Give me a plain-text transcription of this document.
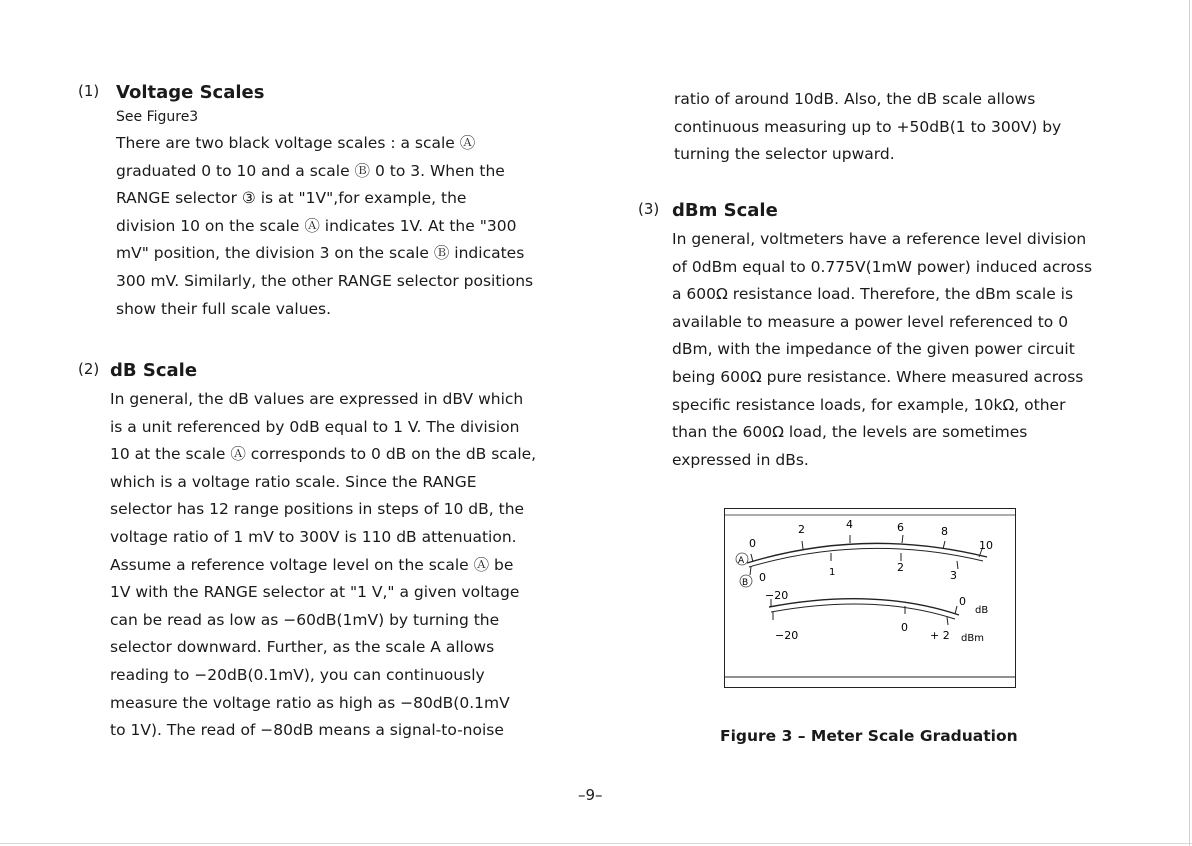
(1) Voltage Scales

See Figure3

There are two black voltage scales : a scale Ⓐ

graduated 0 to 10 and a scale Ⓑ 0 to 3. When the

RANGE selector ③ is at "1V",for example, the

division 10 on the scale Ⓐ indicates 1V. At the "300

mV" position, the division 3 on the scale Ⓑ indicates

300 mV. Similarly, the other RANGE selector positions

show their full scale values.

(2) dB Scale

In general, the dB values are expressed in dBV which

is a unit referenced by 0dB equal to 1 V. The division

10 at the scale Ⓐ corresponds to 0 dB on the dB scale,

which is a voltage ratio scale. Since the RANGE

selector has 12 range positions in steps of 10 dB, the

voltage ratio of 1 mV to 300V is 110 dB attenuation.

Assume a reference voltage level on the scale Ⓐ be

1V with the RANGE selector at "1 V," a given voltage

can be read as low as −60dB(1mV) by turning the

selector downward. Further, as the scale A allows

reading to −20dB(0.1mV), you can continuously

measure the voltage ratio as high as −80dB(0.1mV

to 1V). The read of −80dB means a signal-to-noise

ratio of around 10dB. Also, the dB scale allows

continuous measuring up to +50dB(1 to 300V) by

turning the selector upward.

(3) dBm Scale

In general, voltmeters have a reference level division

of 0dBm equal to 0.775V(1mW power) induced across

a 600Ω resistance load. Therefore, the dBm scale is

available to measure a power level referenced to 0

dBm, with the impedance of the given power circuit

being 600Ω pure resistance. Where measured across

specific resistance loads, for example, 10kΩ, other

than the 600Ω load, the levels are sometimes

expressed in dBs.

0
2	4	6	8
10
0	1	2
3
A
B
−20	0
dB
−20
0
+ 2 dBm
Figure 3 – Meter Scale Graduation
–9–
